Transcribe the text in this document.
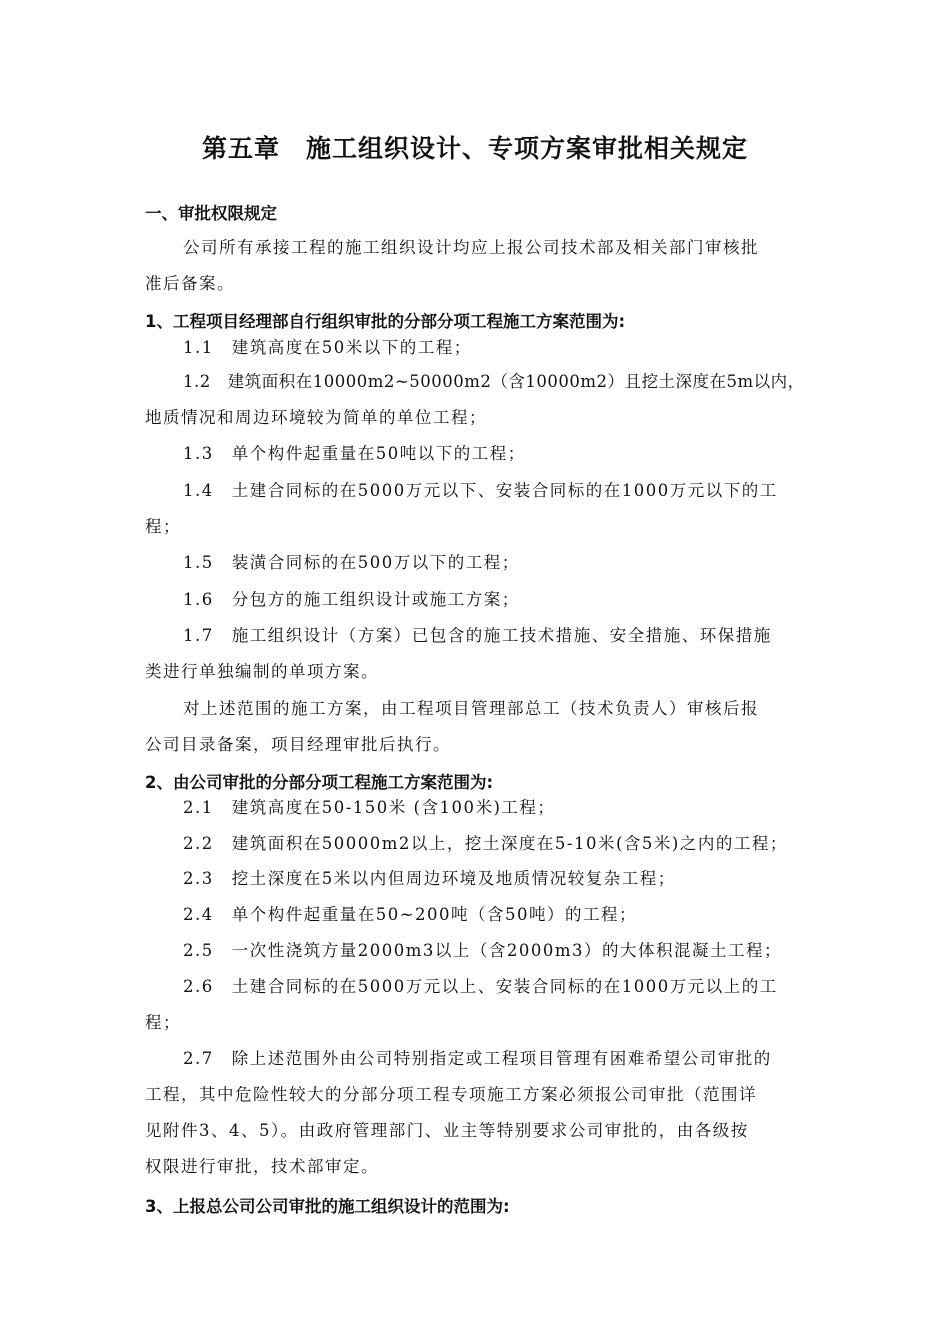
第五章　施工组织设计、专项方案审批相关规定
一、审批权限规定
公司所有承接工程的施工组织设计均应上报公司技术部及相关部门审核批
准后备案。
1、工程项目经理部自行组织审批的分部分项工程施工方案范围为:
1.1　建筑高度在50米以下的工程；
1.2　建筑面积在10000m2~50000m2（含10000m2）且挖土深度在5m以内，
地质情况和周边环境较为简单的单位工程；
1.3　单个构件起重量在50吨以下的工程；
1.4　土建合同标的在5000万元以下、安装合同标的在1000万元以下的工
程；
1.5　装潢合同标的在500万以下的工程；
1.6　分包方的施工组织设计或施工方案；
1.7　施工组织设计（方案）已包含的施工技术措施、安全措施、环保措施
类进行单独编制的单项方案。
对上述范围的施工方案，由工程项目管理部总工（技术负责人）审核后报
公司目录备案，项目经理审批后执行。
2、由公司审批的分部分项工程施工方案范围为:
2.1　建筑高度在50-150米 (含100米)工程；
2.2　建筑面积在50000m2以上，挖土深度在5-10米(含5米)之内的工程；
2.3　挖土深度在5米以内但周边环境及地质情况较复杂工程；
2.4　单个构件起重量在50~200吨（含50吨）的工程；
2.5　一次性浇筑方量2000m3以上（含2000m3）的大体积混凝土工程；
2.6　土建合同标的在5000万元以上、安装合同标的在1000万元以上的工
程；
2.7　除上述范围外由公司特别指定或工程项目管理有困难希望公司审批的
工程，其中危险性较大的分部分项工程专项施工方案必须报公司审批（范围详
见附件3、4、5）。由政府管理部门、业主等特别要求公司审批的，由各级按
权限进行审批，技术部审定。
3、上报总公司公司审批的施工组织设计的范围为:
